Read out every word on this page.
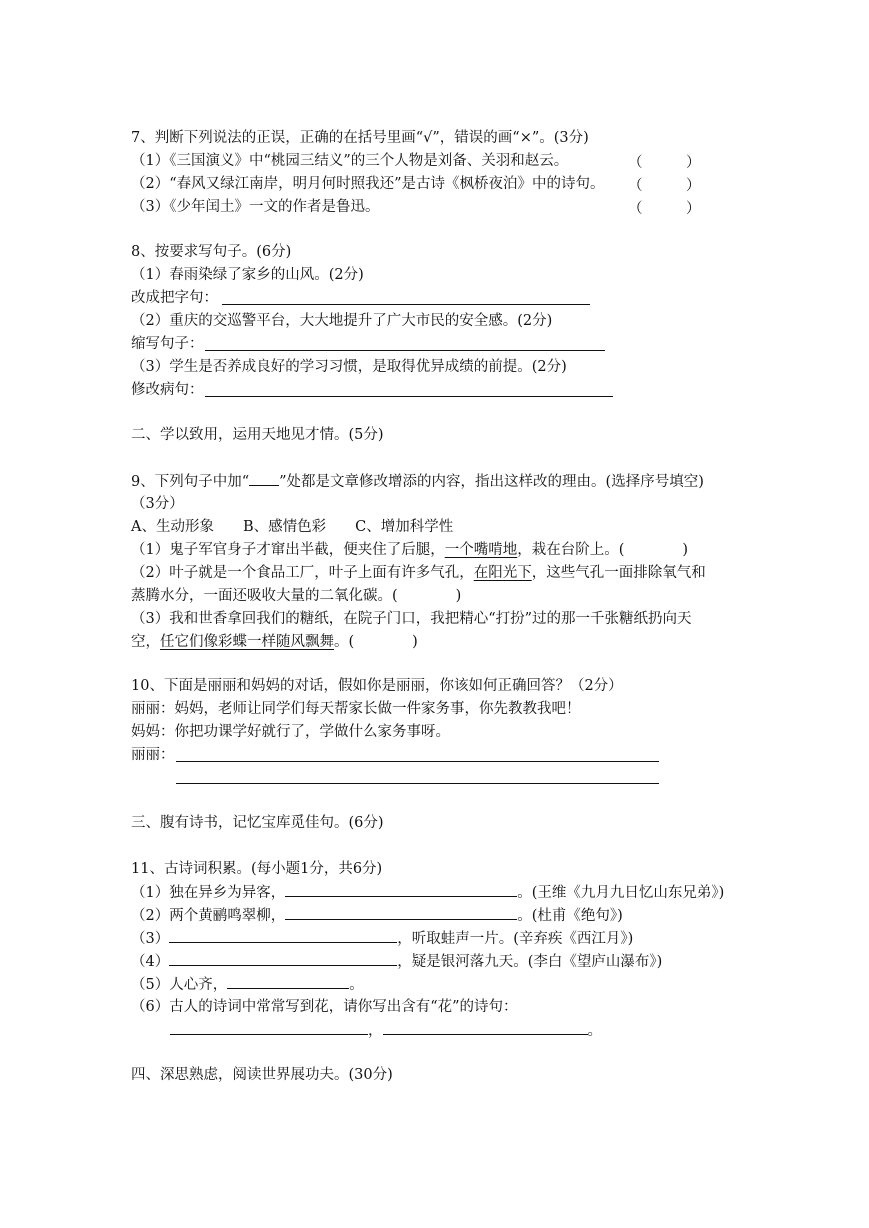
7、判断下列说法的正误，正确的在括号里画“√”，错误的画“×”。(3分)
（1）《三国演义》中“桃园三结义”的三个人物是刘备、关羽和赵云。	（　　　）
（2）“春风又绿江南岸，明月何时照我还”是古诗《枫桥夜泊》中的诗句。 （　　　）
（3）《少年闰土》一文的作者是鲁迅。	（　　　）
8、按要求写句子。(6分)
（1）春雨染绿了家乡的山风。(2分)
改成把字句：
（2）重庆的交巡警平台，大大地提升了广大市民的安全感。(2分)
缩写句子：
（3）学生是否养成良好的学习习惯，是取得优异成绩的前提。(2分)
修改病句：
二、学以致用，运用天地见才情。(5分)
9、下列句子中加“ ”处都是文章修改增添的内容，指出这样改的理由。(选择序号填空)
（3分）
A、生动形象　　B、感情色彩　　C、增加科学性
（1）鬼子军官身子才窜出半截，便夹住了后腿，一个嘴啃地，栽在台阶上。(　　　　)
（2）叶子就是一个食品工厂，叶子上面有许多气孔，在阳光下，这些气孔一面排除氧气和
蒸腾水分，一面还吸收大量的二氧化碳。(　　　　)
（3）我和世香拿回我们的糖纸，在院子门口，我把精心“打扮”过的那一千张糖纸扔向天
空，任它们像彩蝶一样随风飘舞。(　　　　)
10、下面是丽丽和妈妈的对话，假如你是丽丽，你该如何正确回答？（2分）
丽丽：妈妈，老师让同学们每天帮家长做一件家务事，你先教教我吧！
妈妈：你把功课学好就行了，学做什么家务事呀。
丽丽：
三、腹有诗书，记忆宝库觅佳句。(6分)
11、古诗词积累。(每小题1分，共6分)
（1）独在异乡为异客，	。(王维《九月九日忆山东兄弟》)
（2）两个黄鹂鸣翠柳，	。(杜甫《绝句》)
（3）	，听取蛙声一片。(辛弃疾《西江月》)
（4）	，疑是银河落九天。(李白《望庐山瀑布》)
（5）人心齐，	。
（6）古人的诗词中常常写到花，请你写出含有“花”的诗句：
，	。
四、深思熟虑，阅读世界展功夫。(30分)
